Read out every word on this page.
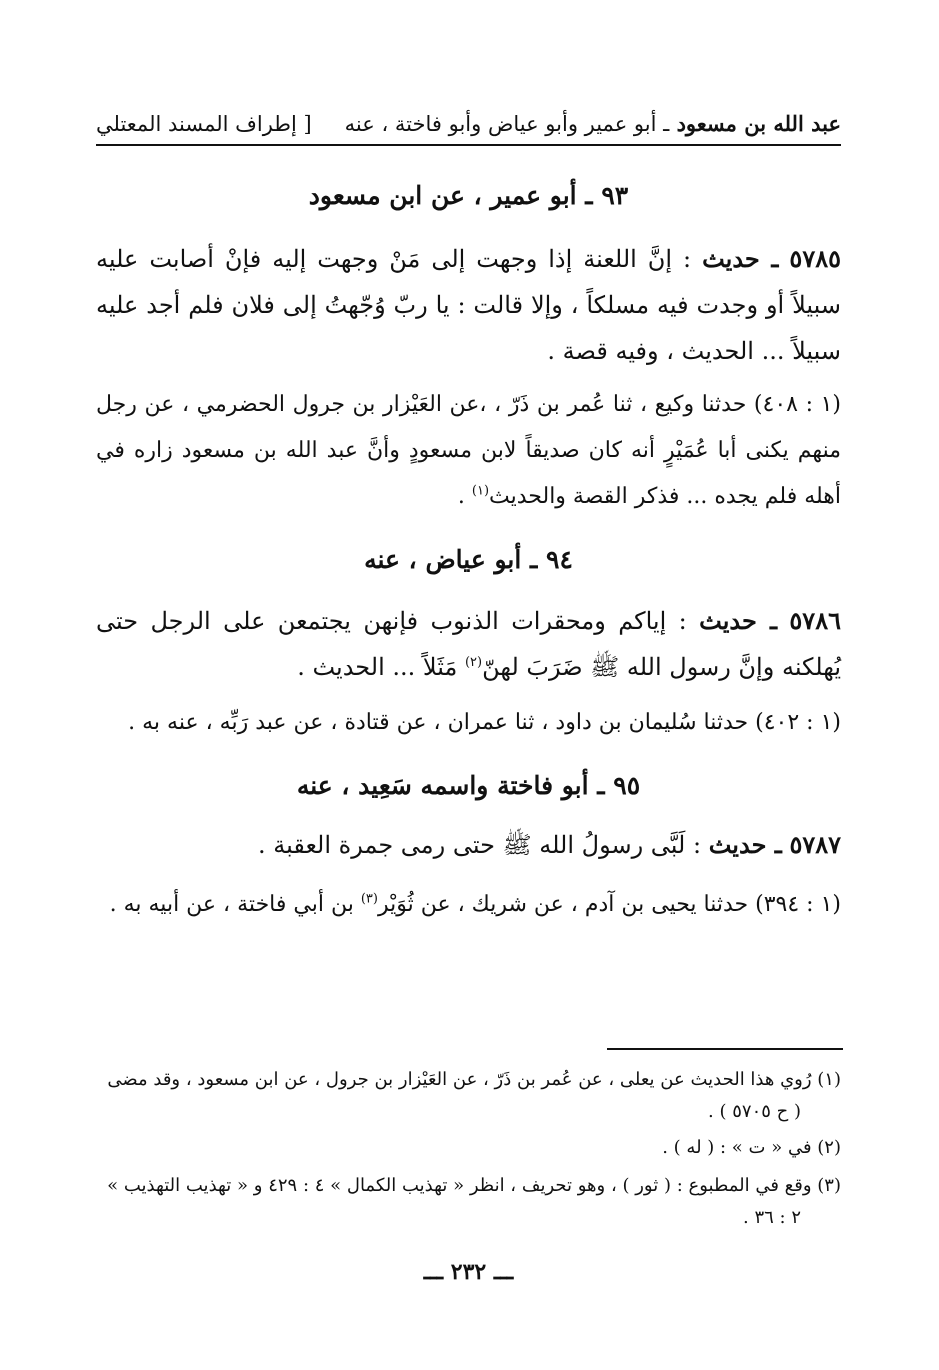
عبد الله بن مسعود ـ أبو عمير وأبو عياض وأبو فاختة ، عنه
[ إطراف المسند المعتلي
٩٣ ـ أبو عمير ، عن ابن مسعود
٥٧٨٥ ـ حديث : إنَّ اللعنة إذا وجهت إلى مَنْ وجهت إليه فإنْ أصابت عليه سبيلاً أو وجدت فيه مسلكاً ، وإلا قالت : يا ربّ وُجّهتُ إلى فلان فلم أجد عليه سبيلاً ... الحديث ، وفيه قصة .
(١ : ٤٠٨) حدثنا وكيع ، ثنا عُمر بن ذَرّ ، ،عن العَيْزار بن جرول الحضرمي ، عن رجل منهم يكنى أبا عُمَيْرٍ أنه كان صديقاً لابن مسعودٍ وأنَّ عبد الله بن مسعود زاره في أهله فلم يجده ... فذكر القصة والحديث$^{(١)}$ .
٩٤ ـ أبو عياض ، عنه
٥٧٨٦ ـ حديث : إياكم ومحقرات الذنوب فإنهن يجتمعن على الرجل حتى يُهلكنه وإنَّ رسول الله ﷺ ضَرَبَ لهنّ$^{(٢)}$ مَثَلاً ... الحديث .
(١ : ٤٠٢) حدثنا سُليمان بن داود ، ثنا عمران ، عن قتادة ، عن عبد رَبِّه ، عنه به .
٩٥ ـ أبو فاختة واسمه سَعِيد ، عنه
٥٧٨٧ ـ حديث : لَبَّى رسولُ الله ﷺ حتى رمى جمرة العقبة .
(١ : ٣٩٤) حدثنا يحيى بن آدم ، عن شريك ، عن ثُوَيْر$^{(٣)}$ بن أبي فاختة ، عن أبيه به .
(١) رُوي هذا الحديث عن يعلى ، عن عُمر بن ذَرّ ، عن العَيْزار بن جرول ، عن ابن مسعود ، وقد مضى
( ح ٥٧٠٥ ) .
(٢) في « ت » : ( له ) .
(٣) وقع في المطبوع : ( ثور ) ، وهو تحريف ، انظر « تهذيب الكمال » ٤ : ٤٢٩ و « تهذيب التهذيب »
٢ : ٣٦ .
ـــ ٢٣٢ ـــ
